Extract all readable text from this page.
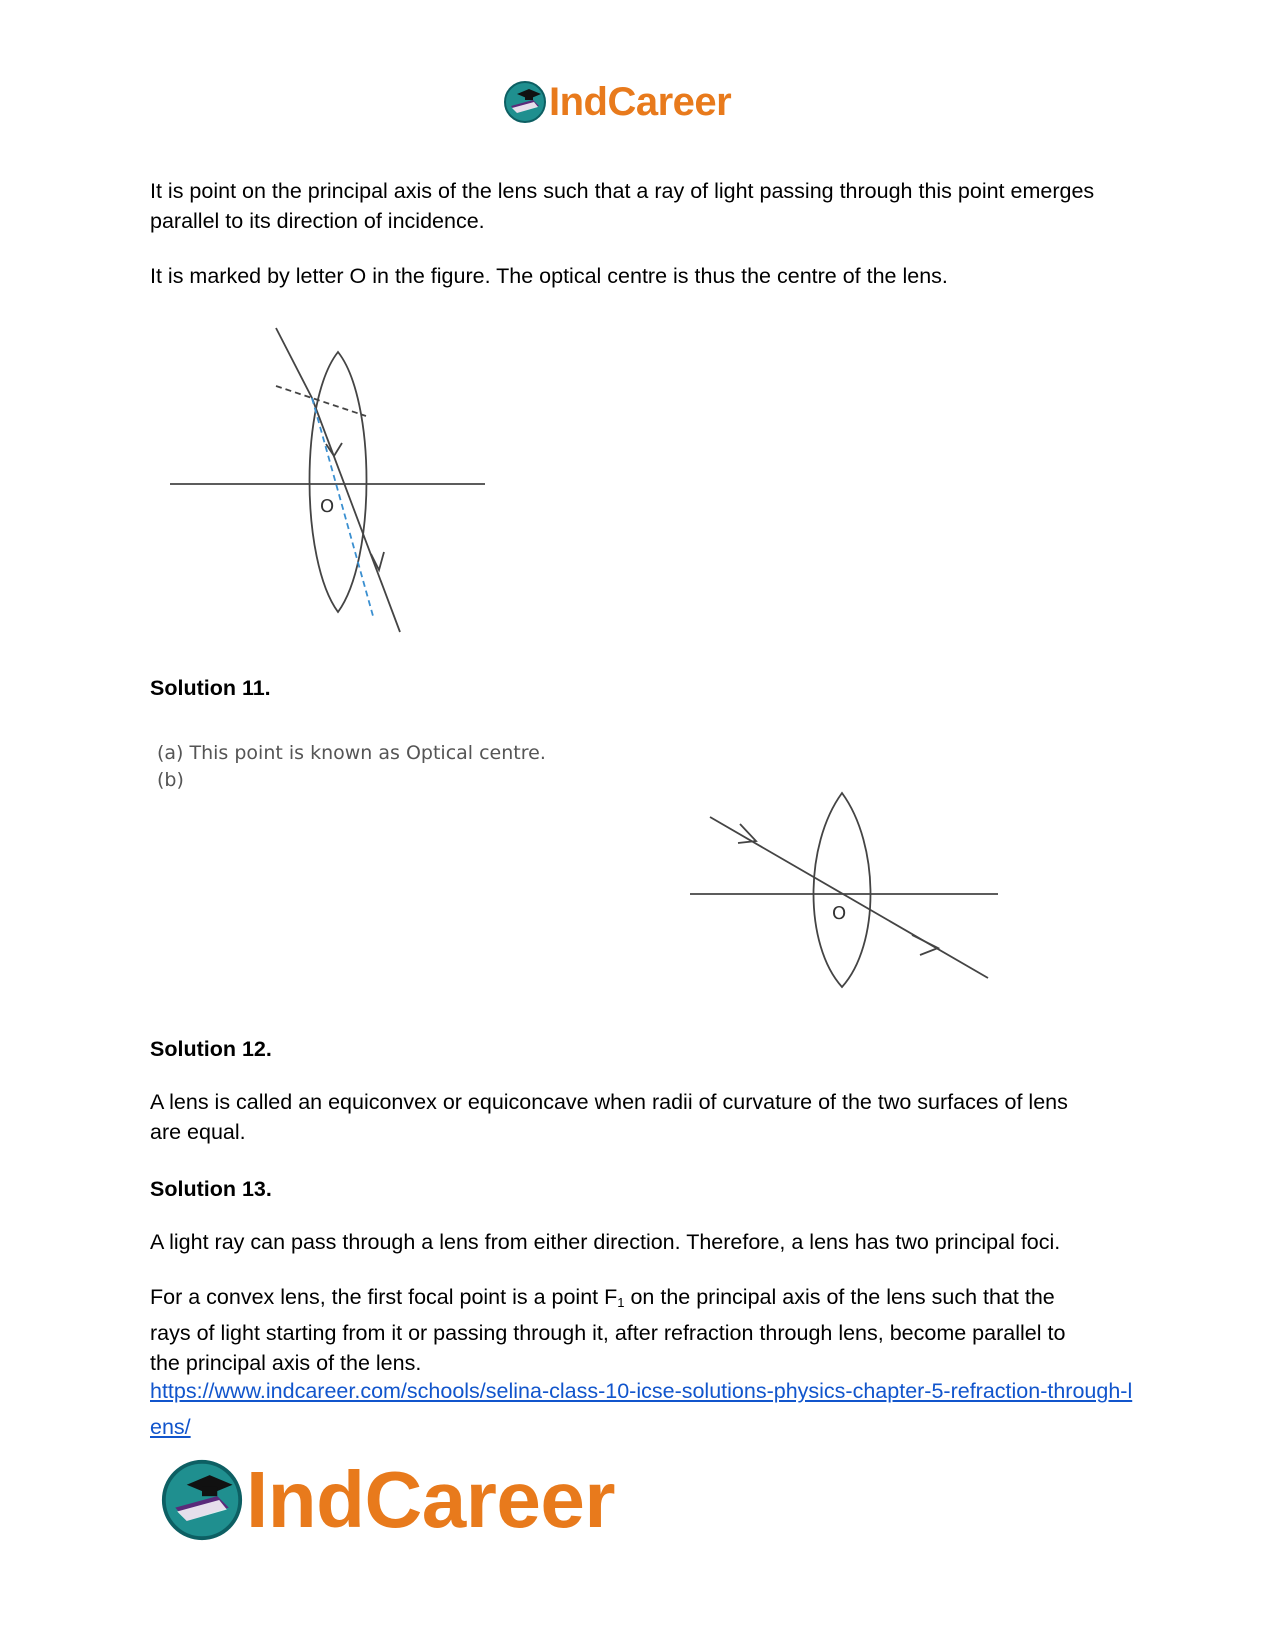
IndCareer

It is point on the principal axis of the lens such that a ray of light passing through this point emerges parallel to its direction of incidence.

It is marked by letter O in the figure. The optical centre is thus the centre of the lens.

O

Solution 11.

(a) This point is known as Optical centre.

(b)

O

Solution 12.

A lens is called an equiconvex or equiconcave when radii of curvature of the two surfaces of lens are equal.

Solution 13.

A light ray can pass through a lens from either direction. Therefore, a lens has two principal foci.

For a convex lens, the first focal point is a point $F_1$ on the principal axis of the lens such that the rays of light starting from it or passing through it, after refraction through lens, become parallel to the principal axis of the lens.

https://www.indcareer.com/schools/selina-class-10-icse-solutions-physics-chapter-5-refraction-through-lens/
IndCareer
